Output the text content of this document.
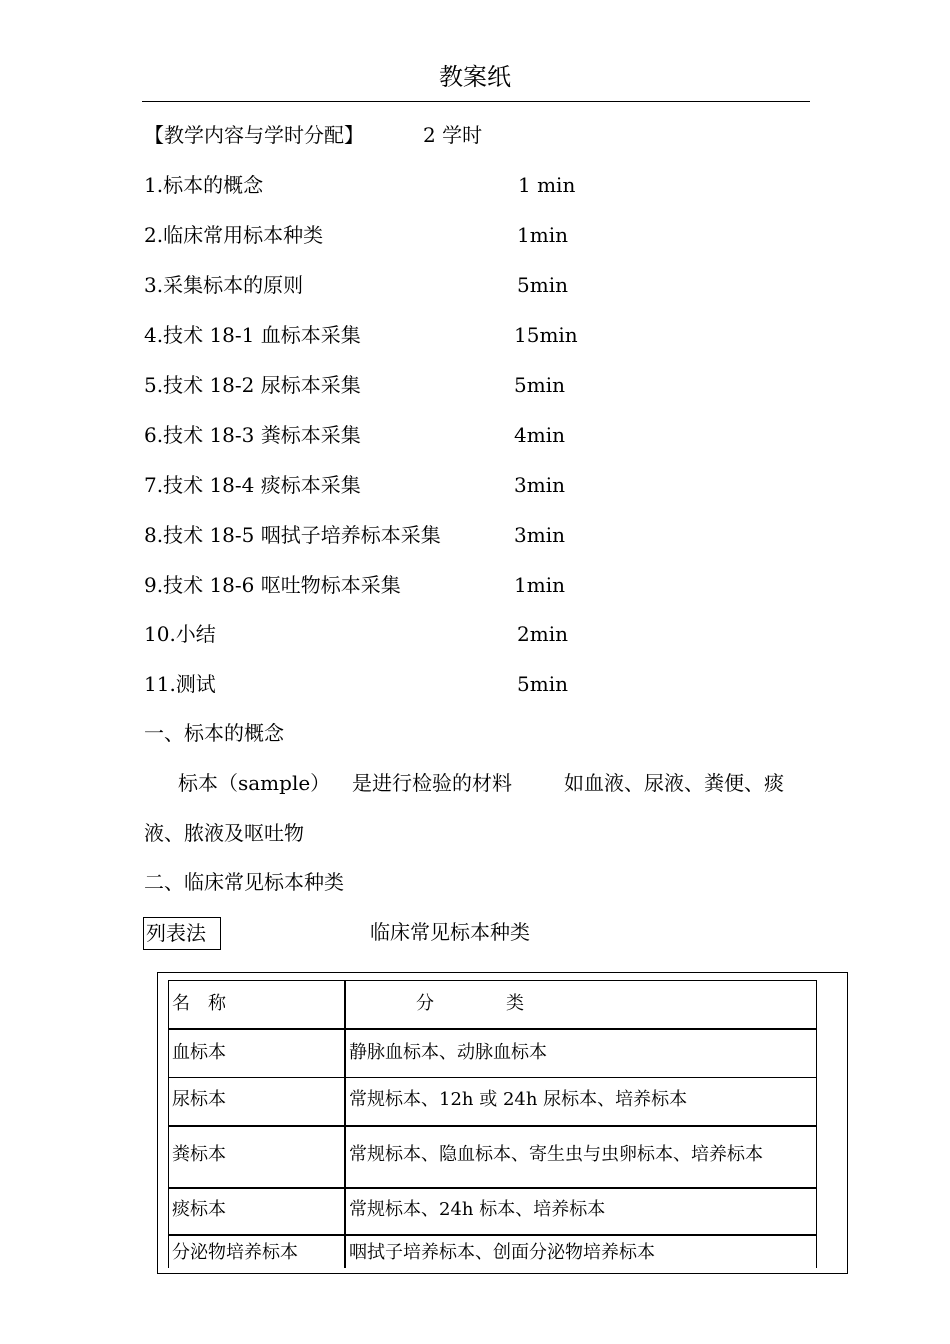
教案纸
【教学内容与学时分配】	2 学时
1.标本的概念	1 min
2.临床常用标本种类	1min
3.采集标本的原则	5min
4.技术 18-1 血标本采集	15min
5.技术 18-2 尿标本采集	5min
6.技术 18-3 粪标本采集	4min
7.技术 18-4 痰标本采集	3min
8.技术 18-5 咽拭子培养标本采集	3min
9.技术 18-6 呕吐物标本采集	1min
10.小结	2min
11.测试	5min
一、标本的概念
标本（sample） 是进行检验的材料	如血液、尿液、粪便、痰
液、脓液及呕吐物
二、临床常见标本种类
列表法	临床常见标本种类
名　称	分　　　　类
血标本	静脉血标本、动脉血标本
尿标本	常规标本、12h 或 24h 尿标本、培养标本
粪标本	常规标本、隐血标本、寄生虫与虫卵标本、培养标本
痰标本	常规标本、24h 标本、培养标本
分泌物培养标本	咽拭子培养标本、创面分泌物培养标本
